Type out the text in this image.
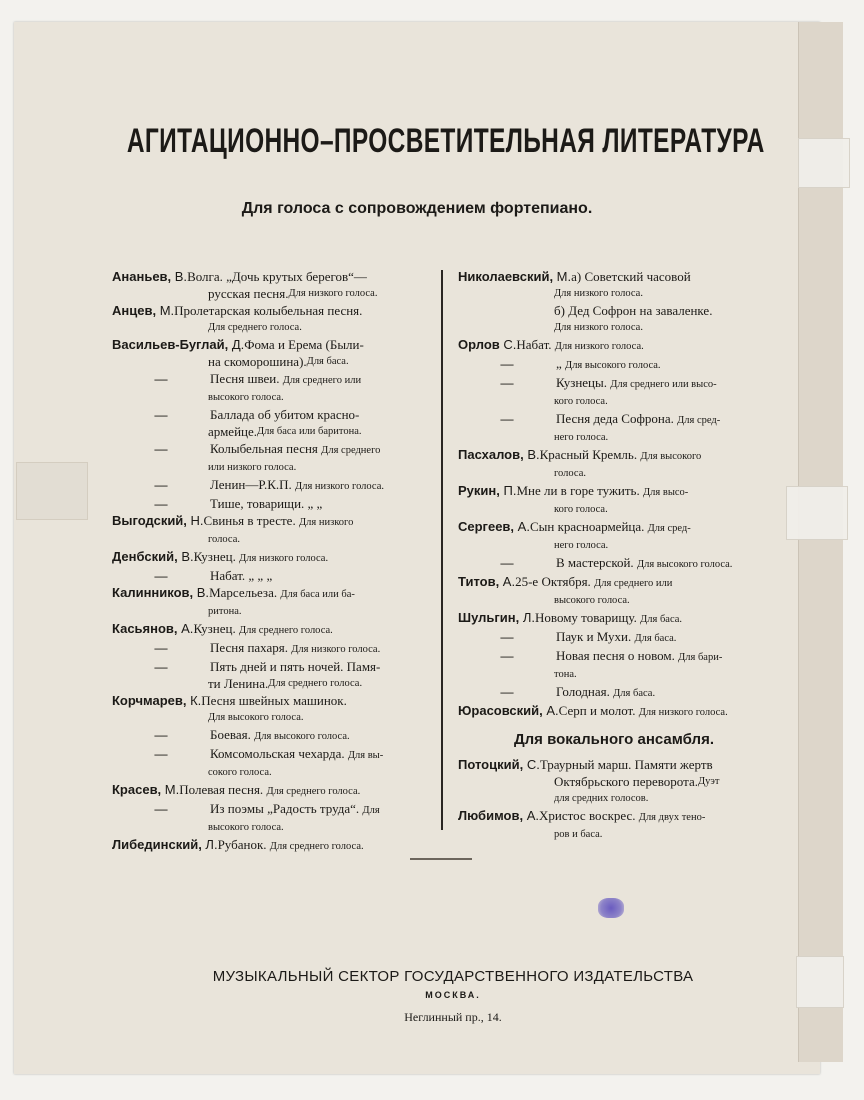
АГИТАЦИОННО–ПРОСВЕТИТЕЛЬНАЯ ЛИТЕРАТУРА
Для голоса с сопровождением фортепиано.
Ананьев, В. Волга. „Дочь крутых берегов“—
русская песня. Для низкого голоса.
Анцев, М. Пролетарская колыбельная песня.
Для среднего голоса.
Васильев-Буглай, Д. Фома и Ерема (Были-
на скоморошина). Для баса.
—	Песня швеи. Для среднего или
высокого голоса.
—	Баллада об убитом красно-
армейце. Для баса или баритона.
—	Колыбельная песня Для среднего
или низкого голоса.
—	Ленин—Р.К.П. Для низкого голоса.
—	Тише, товарищи. „ „
Выгодский, Н. Свинья в тресте. Для низкого
голоса.
Денбский, В. Кузнец. Для низкого голоса.
—	Набат. „ „ „
Калинников, В. Марсельеза. Для баса или ба-
ритона.
Касьянов, А. Кузнец. Для среднего голоса.
—	Песня пахаря. Для низкого голоса.
—	Пять дней и пять ночей. Памя-
ти Ленина. Для среднего голоса.
Корчмарев, К. Песня швейных машинок.
Для высокого голоса.
—	Боевая. Для высокого голоса.
—	Комсомольская чехарда. Для вы-
сокого голоса.
Красев, М. Полевая песня. Для среднего голоса.
—	Из поэмы „Радость труда“. Для
высокого голоса.
Либединский, Л. Рубанок. Для среднего голоса.
Николаевский, М. а) Советский часовой
Для низкого голоса.
б) Дед Софрон на заваленке.
Для низкого голоса.
Орлов С. Набат. Для низкого голоса.
—	„ Для высокого голоса.
—	Кузнецы. Для среднего или высо-
кого голоса.
—	Песня деда Софрона. Для сред-
него голоса.
Пасхалов, В. Красный Кремль. Для высокого
голоса.
Рукин, П. Мне ли в горе тужить. Для высо-
кого голоса.
Сергеев, А. Сын красноармейца. Для сред-
него голоса.
—	В мастерской. Для высокого голоса.
Титов, А. 25-е Октября. Для среднего или
высокого голоса.
Шульгин, Л. Новому товарищу. Для баса.
—	Паук и Мухи. Для баса.
—	Новая песня о новом. Для бари-
тона.
—	Голодная. Для баса.
Юрасовский, А. Серп и молот. Для низкого голоса.
Для вокального ансамбля.
Потоцкий, С. Траурный марш. Памяти жертв
Октябрьского переворота. Дуэт
для средних голосов.
Любимов, А. Христос воскрес. Для двух тено-
ров и баса.
МУЗЫКАЛЬНЫЙ СЕКТОР ГОСУДАРСТВЕННОГО ИЗДАТЕЛЬСТВА
МОСКВА.
Неглинный пр., 14.
